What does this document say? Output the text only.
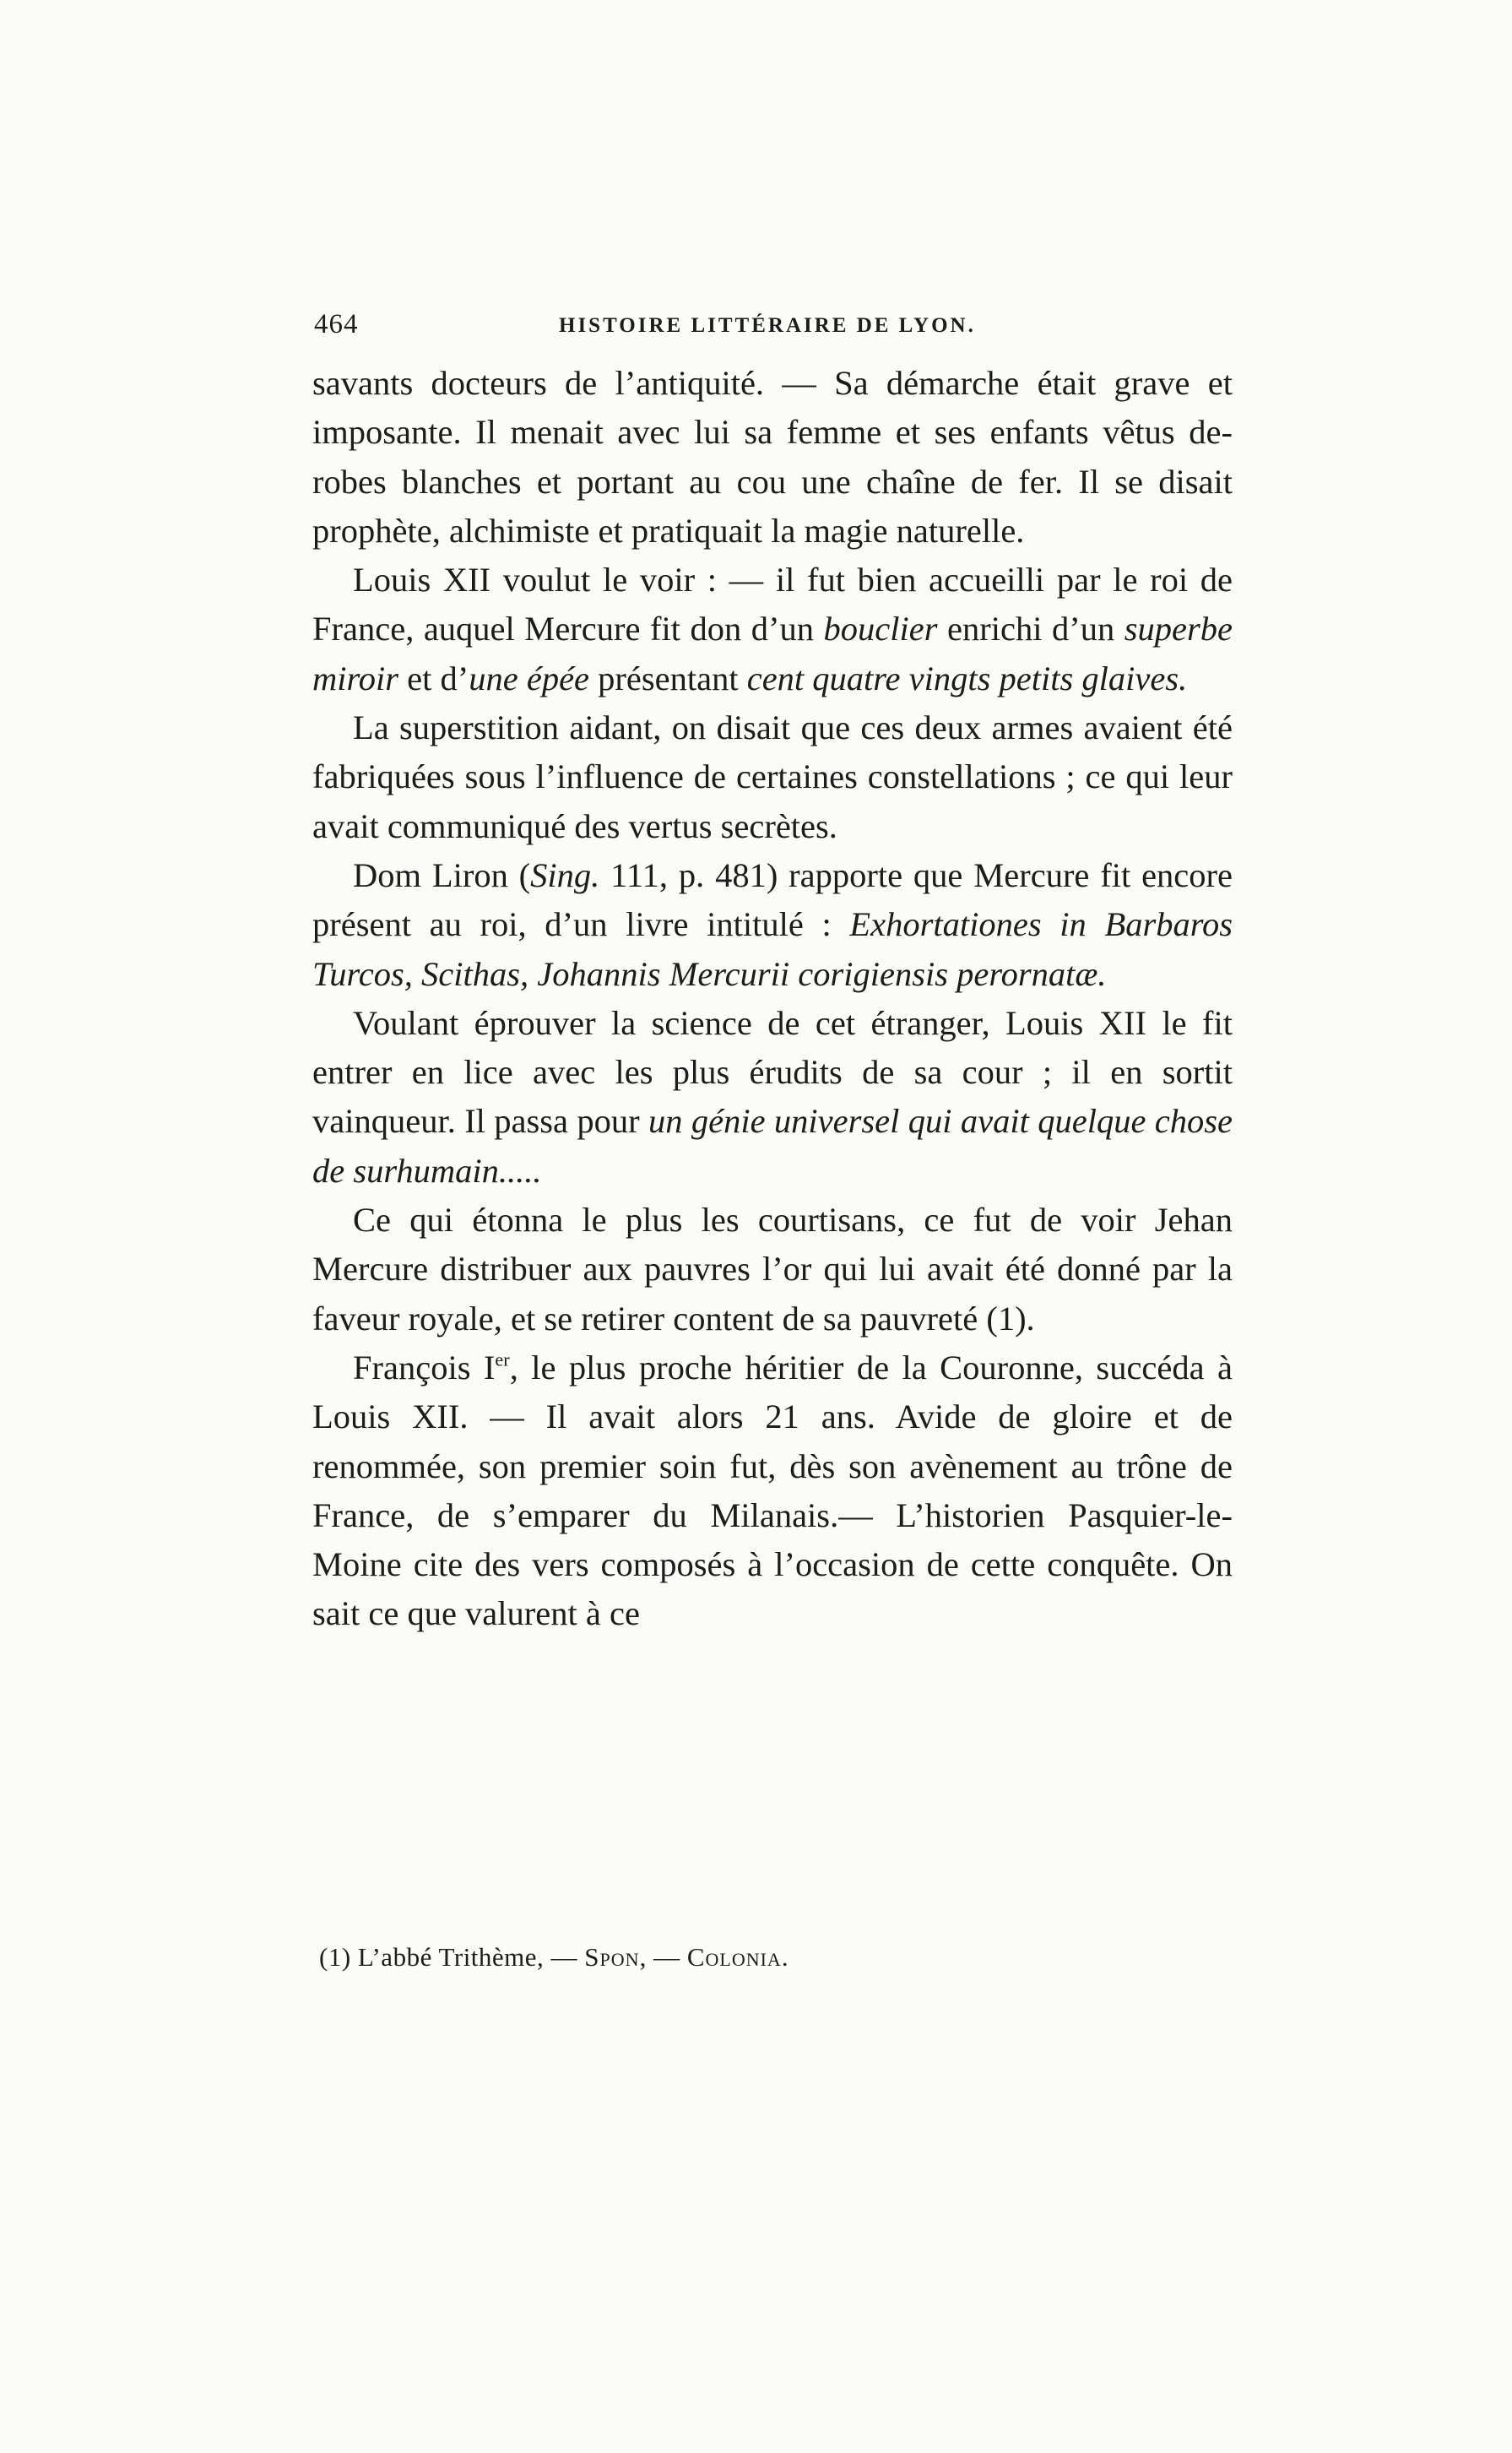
464	HISTOIRE LITTÉRAIRE DE LYON.

savants docteurs de l’antiquité. — Sa démarche était grave et imposante. Il menait avec lui sa femme et ses enfants vêtus de-robes blanches et portant au cou une chaîne de fer. Il se disait prophète, alchimiste et pratiquait la magie naturelle.

Louis XII voulut le voir : — il fut bien accueilli par le roi de France, auquel Mercure fit don d’un bouclier enrichi d’un superbe miroir et d’une épée présentant cent quatre vingts petits glaives.

La superstition aidant, on disait que ces deux armes avaient été fabriquées sous l’influence de certaines constellations ; ce qui leur avait communiqué des vertus secrètes.

Dom Liron (Sing. 111, p. 481) rapporte que Mercure fit encore présent au roi, d’un livre intitulé : Exhortationes in Barbaros Turcos, Scithas, Johannis Mercurii corigiensis perornatæ.

Voulant éprouver la science de cet étranger, Louis XII le fit entrer en lice avec les plus érudits de sa cour ; il en sortit vainqueur. Il passa pour un génie universel qui avait quelque chose de surhumain.....

Ce qui étonna le plus les courtisans, ce fut de voir Jehan Mercure distribuer aux pauvres l’or qui lui avait été donné par la faveur royale, et se retirer content de sa pauvreté (1).

François Ier, le plus proche héritier de la Couronne, succéda à Louis XII. — Il avait alors 21 ans. Avide de gloire et de renommée, son premier soin fut, dès son avènement au trône de France, de s’emparer du Milanais.— L’historien Pasquier-le-Moine cite des vers composés à l’occasion de cette conquête. On sait ce que valurent à ce

(1) L’abbé Trithème, — Spon, — Colonia.
